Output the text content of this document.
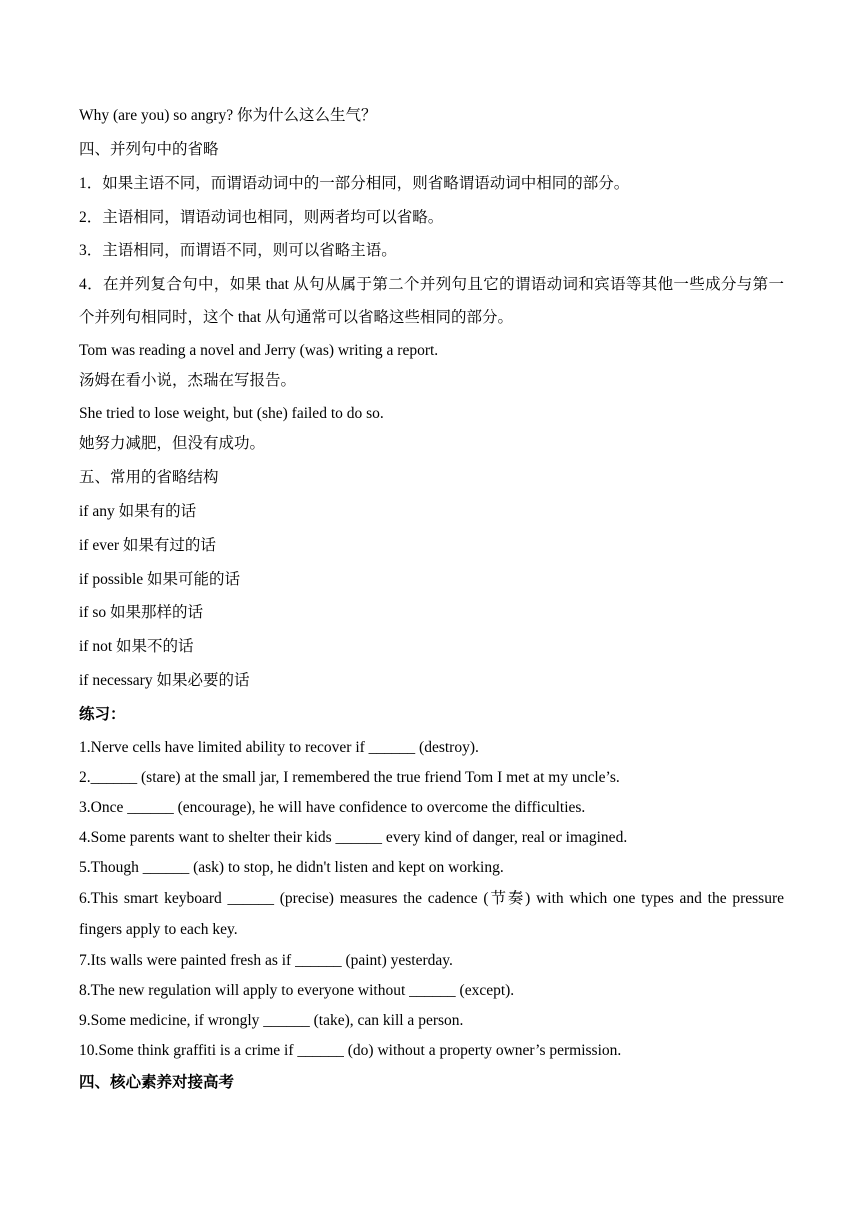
Why (are you) so angry? 你为什么这么生气？
四、并列句中的省略
1．如果主语不同，而谓语动词中的一部分相同，则省略谓语动词中相同的部分。
2．主语相同，谓语动词也相同，则两者均可以省略。
3．主语相同，而谓语不同，则可以省略主语。
4．在并列复合句中，如果 that 从句从属于第二个并列句且它的谓语动词和宾语等其他一些成分与第一个并列句相同时，这个 that 从句通常可以省略这些相同的部分。
Tom was reading a novel and Jerry (was) writing a report.
汤姆在看小说，杰瑞在写报告。
She tried to lose weight, but (she) failed to do so.
她努力减肥，但没有成功。
五、常用的省略结构
if any 如果有的话
if ever 如果有过的话
if possible 如果可能的话
if so 如果那样的话
if not 如果不的话
if necessary 如果必要的话
练习：
1.Nerve cells have limited ability to recover if ______ (destroy).
2.______ (stare) at the small jar, I remembered the true friend Tom I met at my uncle’s.
3.Once ______ (encourage), he will have confidence to overcome the difficulties.
4.Some parents want to shelter their kids ______ every kind of danger, real or imagined.
5.Though ______ (ask) to stop, he didn't listen and kept on working.
6.This smart keyboard ______ (precise) measures the cadence (节奏) with which one types and the pressure fingers apply to each key.
7.Its walls were painted fresh as if ______ (paint) yesterday.
8.The new regulation will apply to everyone without ______ (except).
9.Some medicine, if wrongly ______ (take), can kill a person.
10.Some think graffiti is a crime if ______ (do) without a property owner’s permission.
四、核心素养对接高考
